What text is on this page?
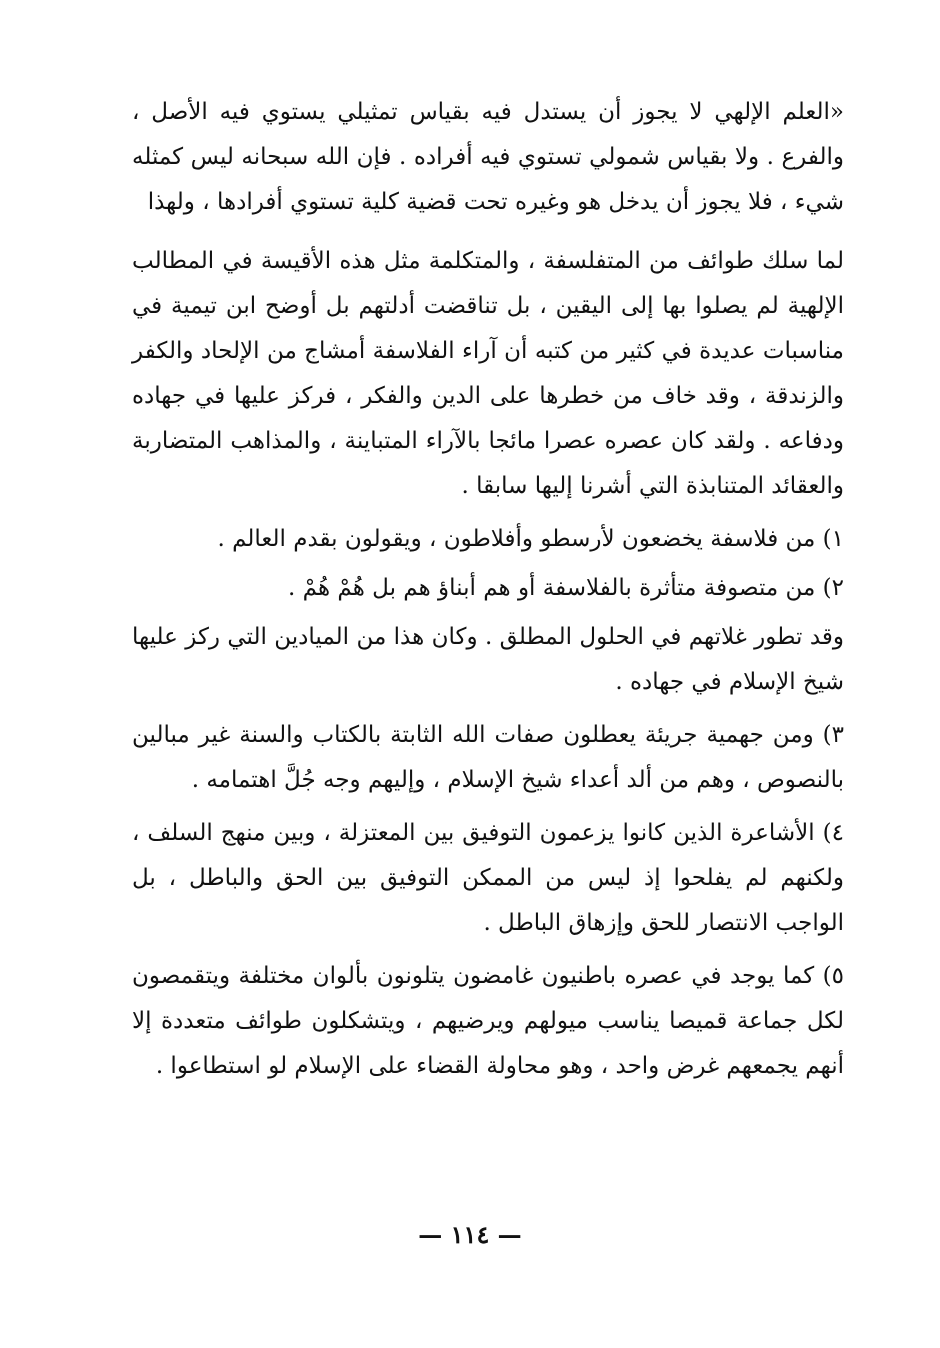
«العلم الإلهي لا يجوز أن يستدل فيه بقياس تمثيلي يستوي فيه الأصل ، والفرع . ولا بقياس شمولي تستوي فيه أفراده . فإن الله سبحانه ليس كمثله شيء ، فلا يجوز أن يدخل هو وغيره تحت قضية كلية تستوي أفرادها ، ولهذا

لما سلك طوائف من المتفلسفة ، والمتكلمة مثل هذه الأقيسة في المطالب الإلهية لم يصلوا بها إلى اليقين ، بل تناقضت أدلتهم بل أوضح ابن تيمية في مناسبات عديدة في كثير من كتبه أن آراء الفلاسفة أمشاج من الإلحاد والكفر والزندقة ، وقد خاف من خطرها على الدين والفكر ، فركز عليها في جهاده ودفاعه . ولقد كان عصره عصرا مائجا بالآراء المتباينة ، والمذاهب المتضاربة والعقائد المتنابذة التي أشرنا إليها سابقا .

١) من فلاسفة يخضعون لأرسطو وأفلاطون ، ويقولون بقدم العالم .

٢) من متصوفة متأثرة بالفلاسفة أو هم أبناؤ هم بل هُمْ هُمْ .

وقد تطور غلاتهم في الحلول المطلق . وكان هذا من الميادين التي ركز عليها شيخ الإسلام في جهاده .

٣) ومن جهمية جريئة يعطلون صفات الله الثابتة بالكتاب والسنة غير مبالين بالنصوص ، وهم من ألد أعداء شيخ الإسلام ، وإليهم وجه جُلَّ اهتمامه .

٤) الأشاعرة الذين كانوا يزعمون التوفيق بين المعتزلة ، وبين منهج السلف ، ولكنهم لم يفلحوا إذ ليس من الممكن التوفيق بين الحق والباطل ، بل الواجب الانتصار للحق وإزهاق الباطل .

٥) كما يوجد في عصره باطنيون غامضون يتلونون بألوان مختلفة ويتقمصون لكل جماعة قميصا يناسب ميولهم ويرضيهم ، ويتشكلون طوائف متعددة إلا أنهم يجمعهم غرض واحد ، وهو محاولة القضاء على الإسلام لو استطاعوا .

— ١١٤ —
